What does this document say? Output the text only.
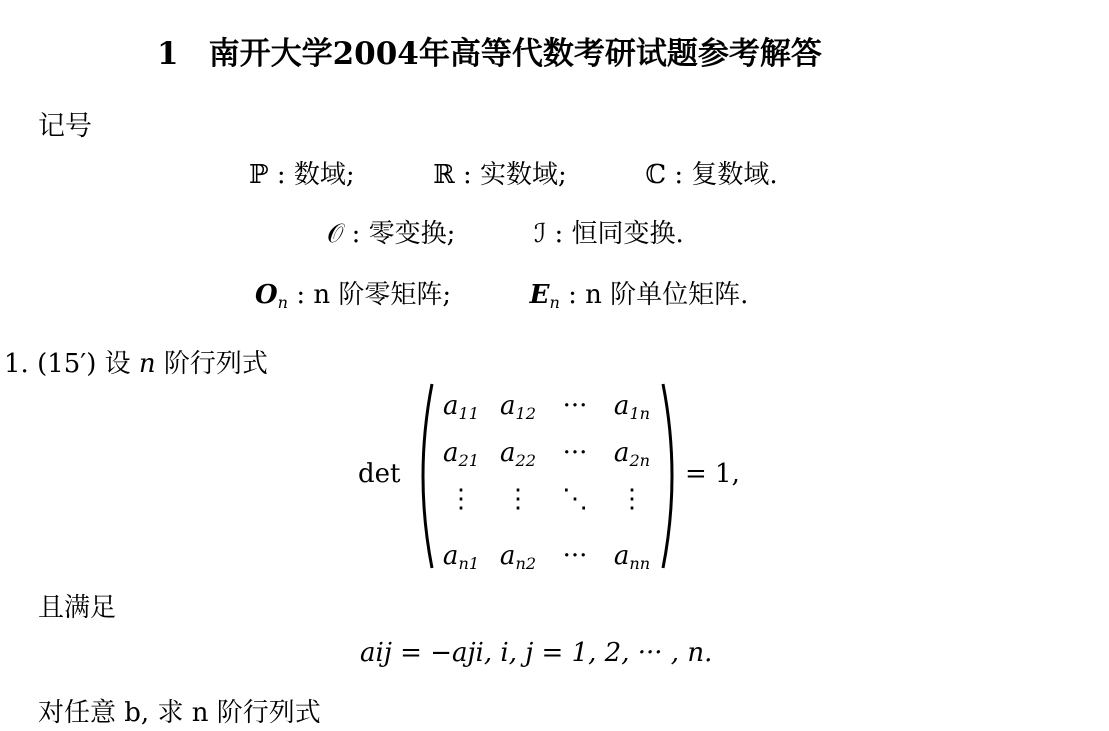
1 南开大学2004年高等代数考研试题参考解答
记号
ℙ : 数域;	ℝ : 实数域;	ℂ : 复数域.
𝒪 : 零变换;	ℐ : 恒同变换.
$O_n$ : n 阶零矩阵;	$E_n$ : n 阶单位矩阵.
1. (15′) 设 n 阶行列式
det
$a_{11}$ $a_{12}$	···	$a_{1n}$
$a_{21}$ $a_{22}$	···	$a_{2n}$
⋮	⋮	⋱	⋮
$a_{n1}$ $a_{n2}$	···	$a_{nn}$
= 1,
且满足
aij = −aji, i, j = 1, 2, ··· , n.
对任意 b, 求 n 阶行列式
